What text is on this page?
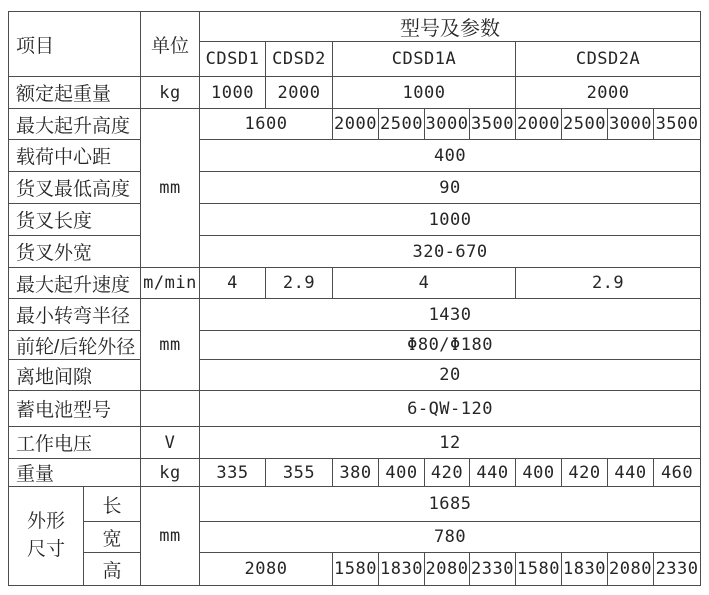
项目		单位	型号及参数									
			CDSD1	CDSD2	CDSD1A				CDSD2A			
额定起重量		kg	1000	2000	1000				2000			
最大起升高度		mm	1600		2000	2500	3000	3500	2000	2500	3000	3500
载荷中心距			400									
货叉最低高度			90									
货叉长度			1000									
货叉外宽			320-670									
最大起升速度		m/min	4	2.9	4				2.9			
最小转弯半径		mm	1430									
前轮/后轮外径			Φ80/Φ180									
离地间隙			20									
蓄电池型号			6-QW-120									
工作电压		V	12									
重量		kg	335	355	380	400	420	440	400	420	440	460
外形尺寸	长	mm	1685									
	宽		780									
	高		2080		1580	1830	2080	2330	1580	1830	2080	2330
